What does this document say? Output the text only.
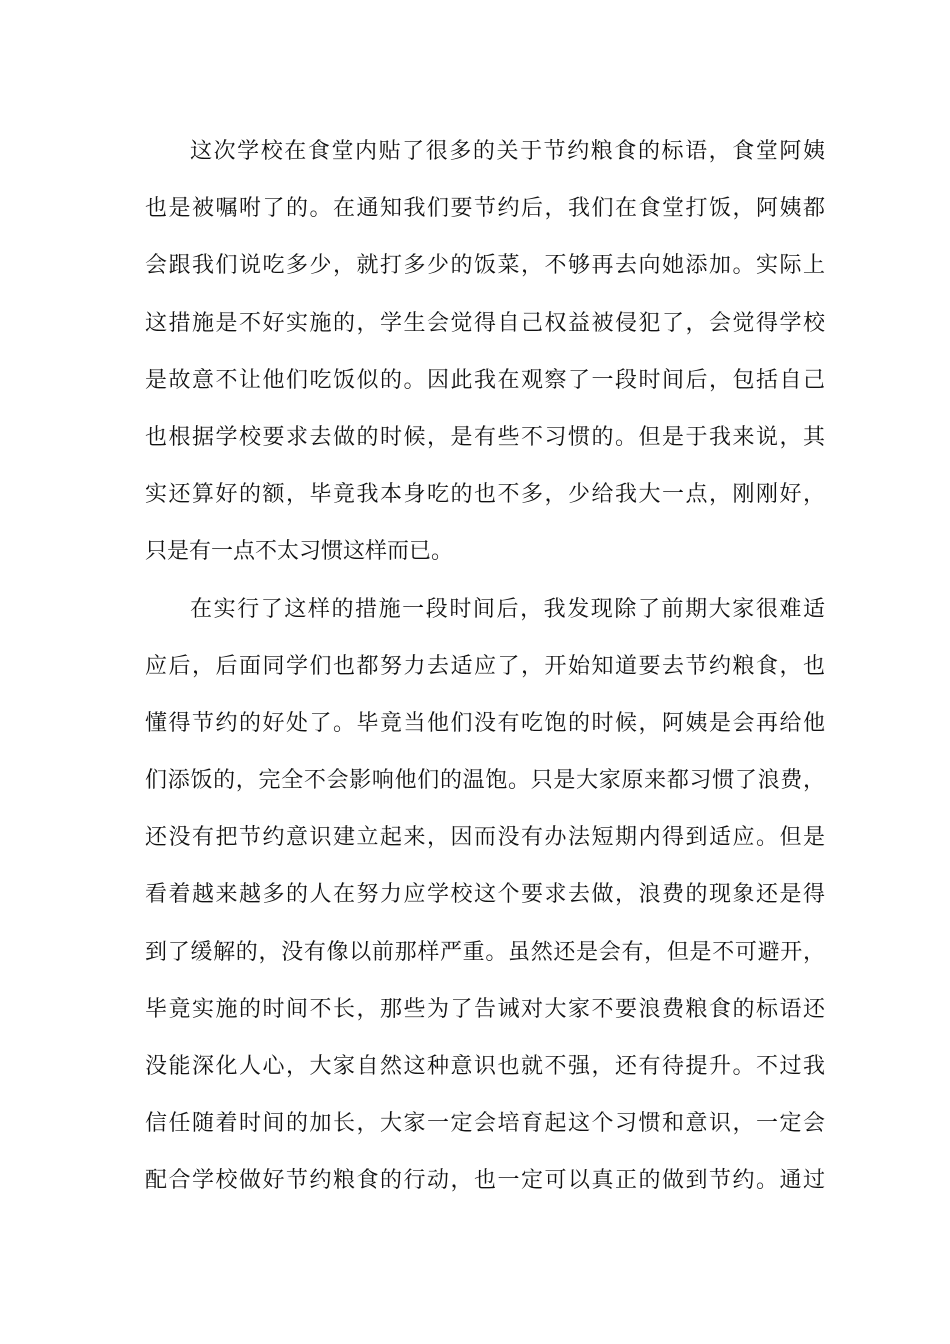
这次学校在食堂内贴了很多的关于节约粮食的标语，食堂阿姨
也是被嘱咐了的。在通知我们要节约后，我们在食堂打饭，阿姨都
会跟我们说吃多少，就打多少的饭菜，不够再去向她添加。实际上
这措施是不好实施的，学生会觉得自己权益被侵犯了，会觉得学校
是故意不让他们吃饭似的。因此我在观察了一段时间后，包括自己
也根据学校要求去做的时候，是有些不习惯的。但是于我来说，其
实还算好的额，毕竟我本身吃的也不多，少给我大一点，刚刚好，
只是有一点不太习惯这样而已。
在实行了这样的措施一段时间后，我发现除了前期大家很难适
应后，后面同学们也都努力去适应了，开始知道要去节约粮食，也
懂得节约的好处了。毕竟当他们没有吃饱的时候，阿姨是会再给他
们添饭的，完全不会影响他们的温饱。只是大家原来都习惯了浪费，
还没有把节约意识建立起来，因而没有办法短期内得到适应。但是
看着越来越多的人在努力应学校这个要求去做，浪费的现象还是得
到了缓解的，没有像以前那样严重。虽然还是会有，但是不可避开，
毕竟实施的时间不长，那些为了告诫对大家不要浪费粮食的标语还
没能深化人心，大家自然这种意识也就不强，还有待提升。不过我
信任随着时间的加长，大家一定会培育起这个习惯和意识，一定会
配合学校做好节约粮食的行动，也一定可以真正的做到节约。通过
